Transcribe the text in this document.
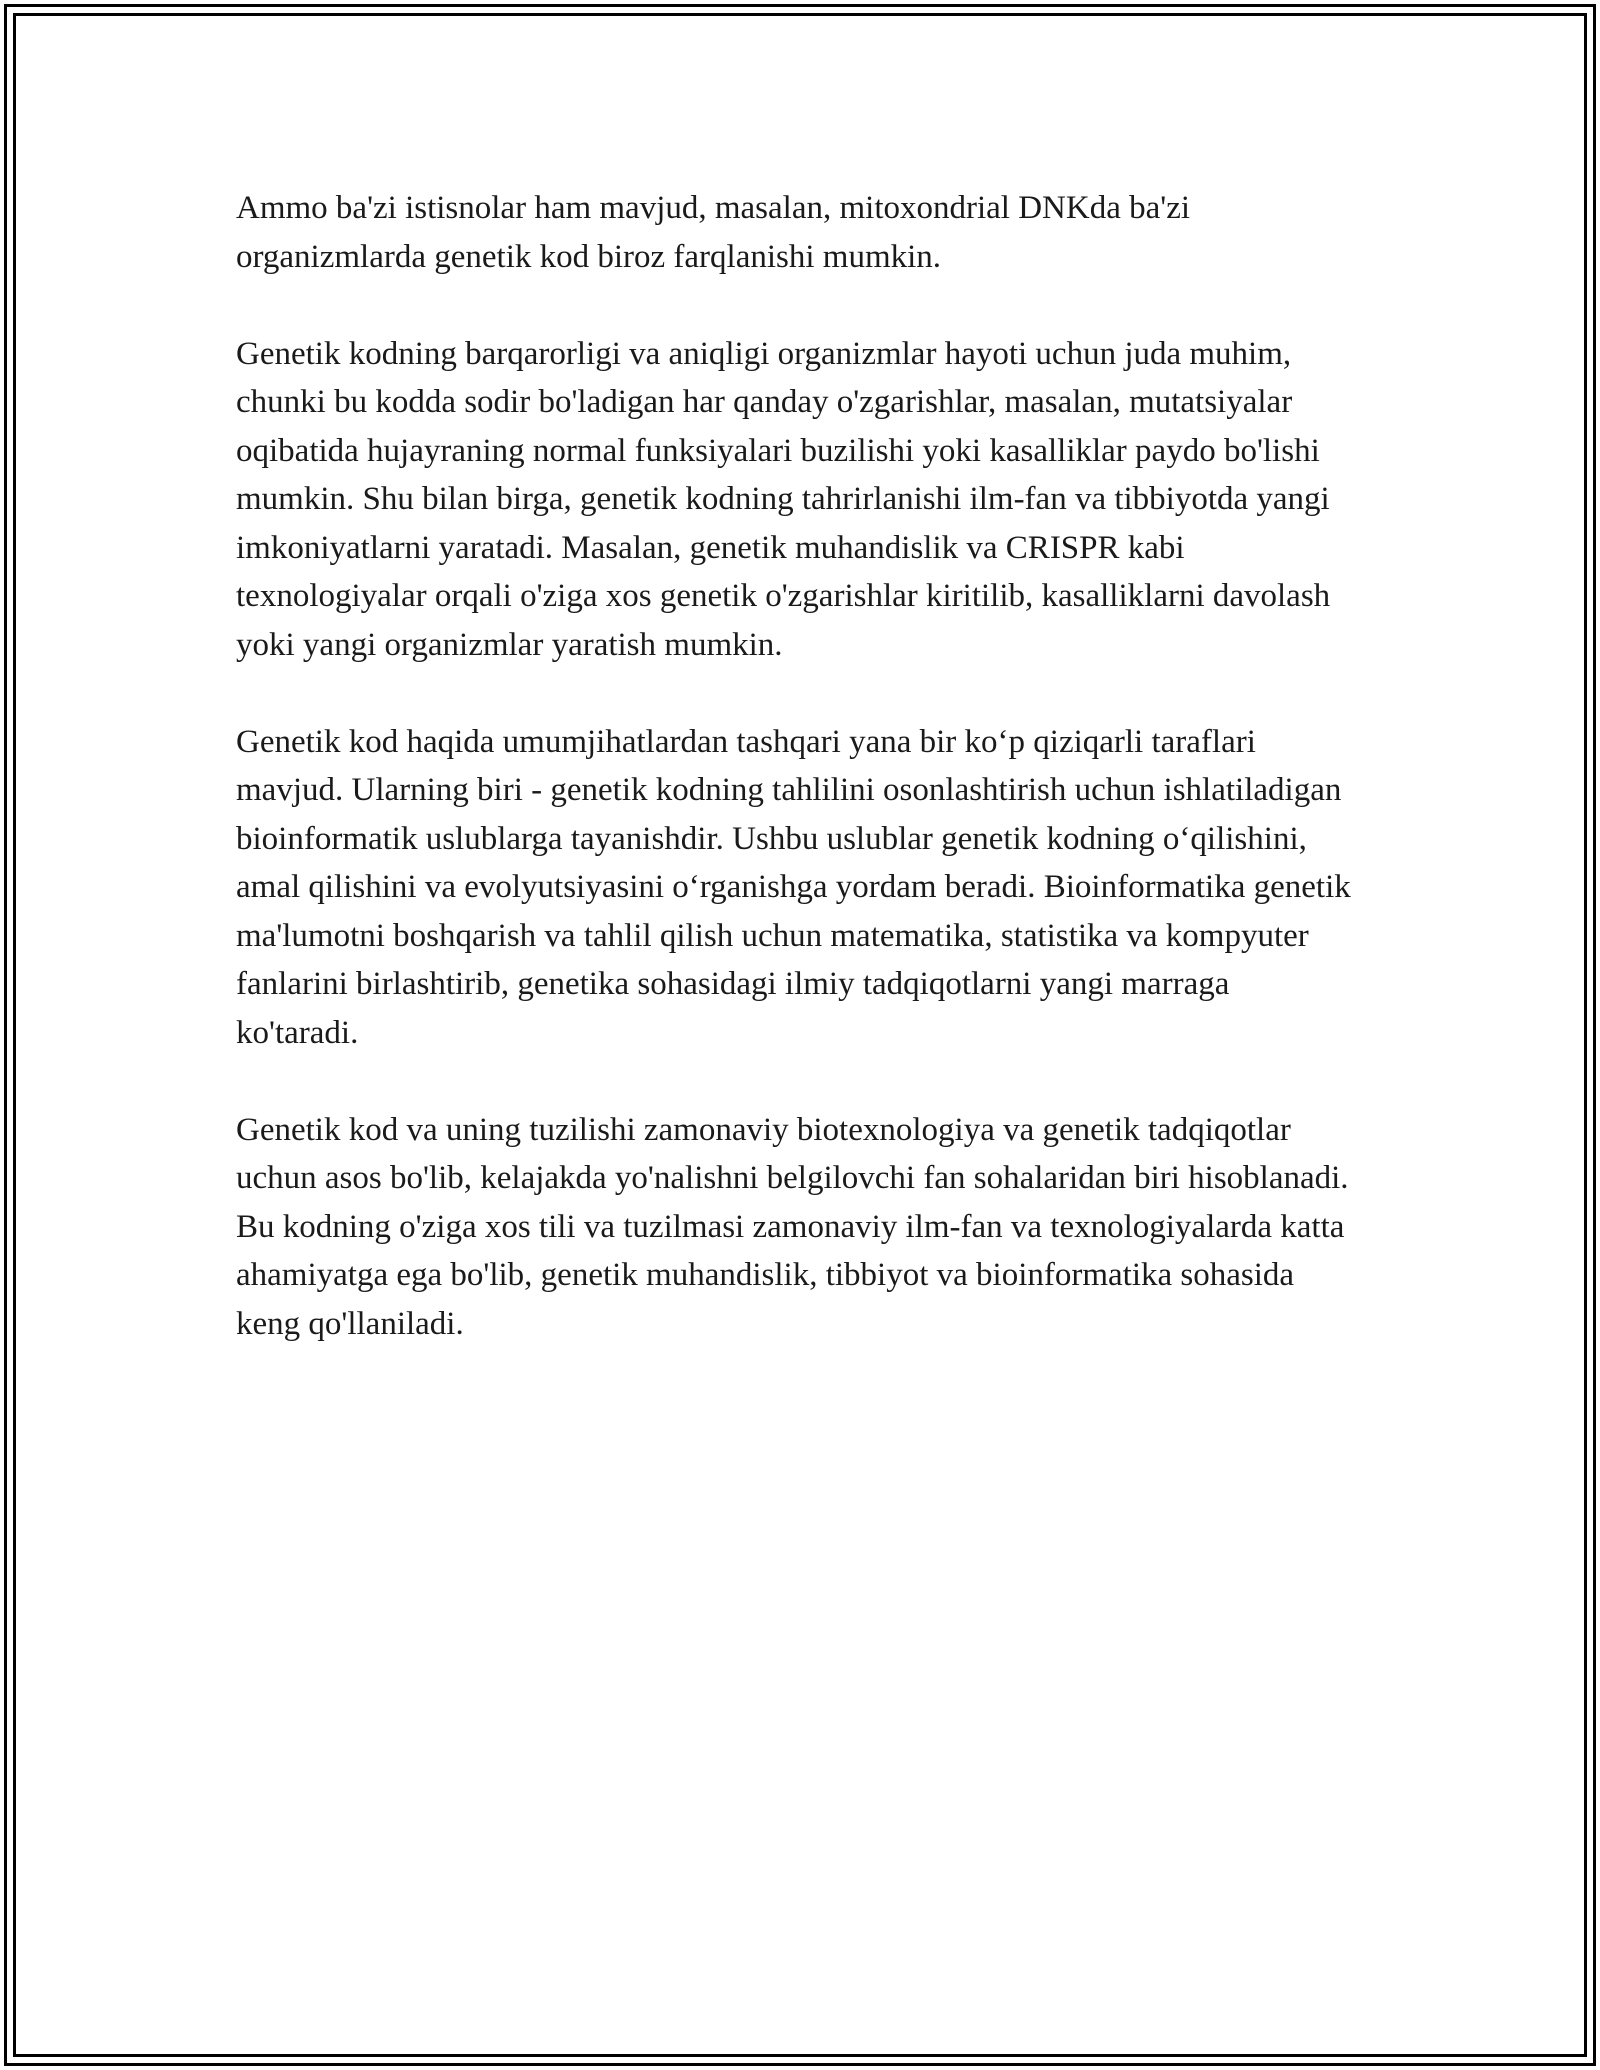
Ammo ba'zi istisnolar ham mavjud, masalan, mitoxondrial DNKda ba'zi organizmlarda genetik kod biroz farqlanishi mumkin.

Genetik kodning barqarorligi va aniqligi organizmlar hayoti uchun juda muhim, chunki bu kodda sodir bo'ladigan har qanday o'zgarishlar, masalan, mutatsiyalar oqibatida hujayraning normal funksiyalari buzilishi yoki kasalliklar paydo bo'lishi mumkin. Shu bilan birga, genetik kodning tahrirlanishi ilm-fan va tibbiyotda yangi imkoniyatlarni yaratadi. Masalan, genetik muhandislik va CRISPR kabi texnologiyalar orqali o'ziga xos genetik o'zgarishlar kiritilib, kasalliklarni davolash yoki yangi organizmlar yaratish mumkin.

Genetik kod haqida umumjihatlardan tashqari yana bir koʻp qiziqarli taraflari mavjud. Ularning biri - genetik kodning tahlilini osonlashtirish uchun ishlatiladigan bioinformatik uslublarga tayanishdir. Ushbu uslublar genetik kodning oʻqilishini, amal qilishini va evolyutsiyasini oʻrganishga yordam beradi. Bioinformatika genetik ma'lumotni boshqarish va tahlil qilish uchun matematika, statistika va kompyuter fanlarini birlashtirib, genetika sohasidagi ilmiy tadqiqotlarni yangi marraga ko'taradi.

Genetik kod va uning tuzilishi zamonaviy biotexnologiya va genetik tadqiqotlar uchun asos bo'lib, kelajakda yo'nalishni belgilovchi fan sohalaridan biri hisoblanadi. Bu kodning o'ziga xos tili va tuzilmasi zamonaviy ilm-fan va texnologiyalarda katta ahamiyatga ega bo'lib, genetik muhandislik, tibbiyot va bioinformatika sohasida keng qo'llaniladi.
